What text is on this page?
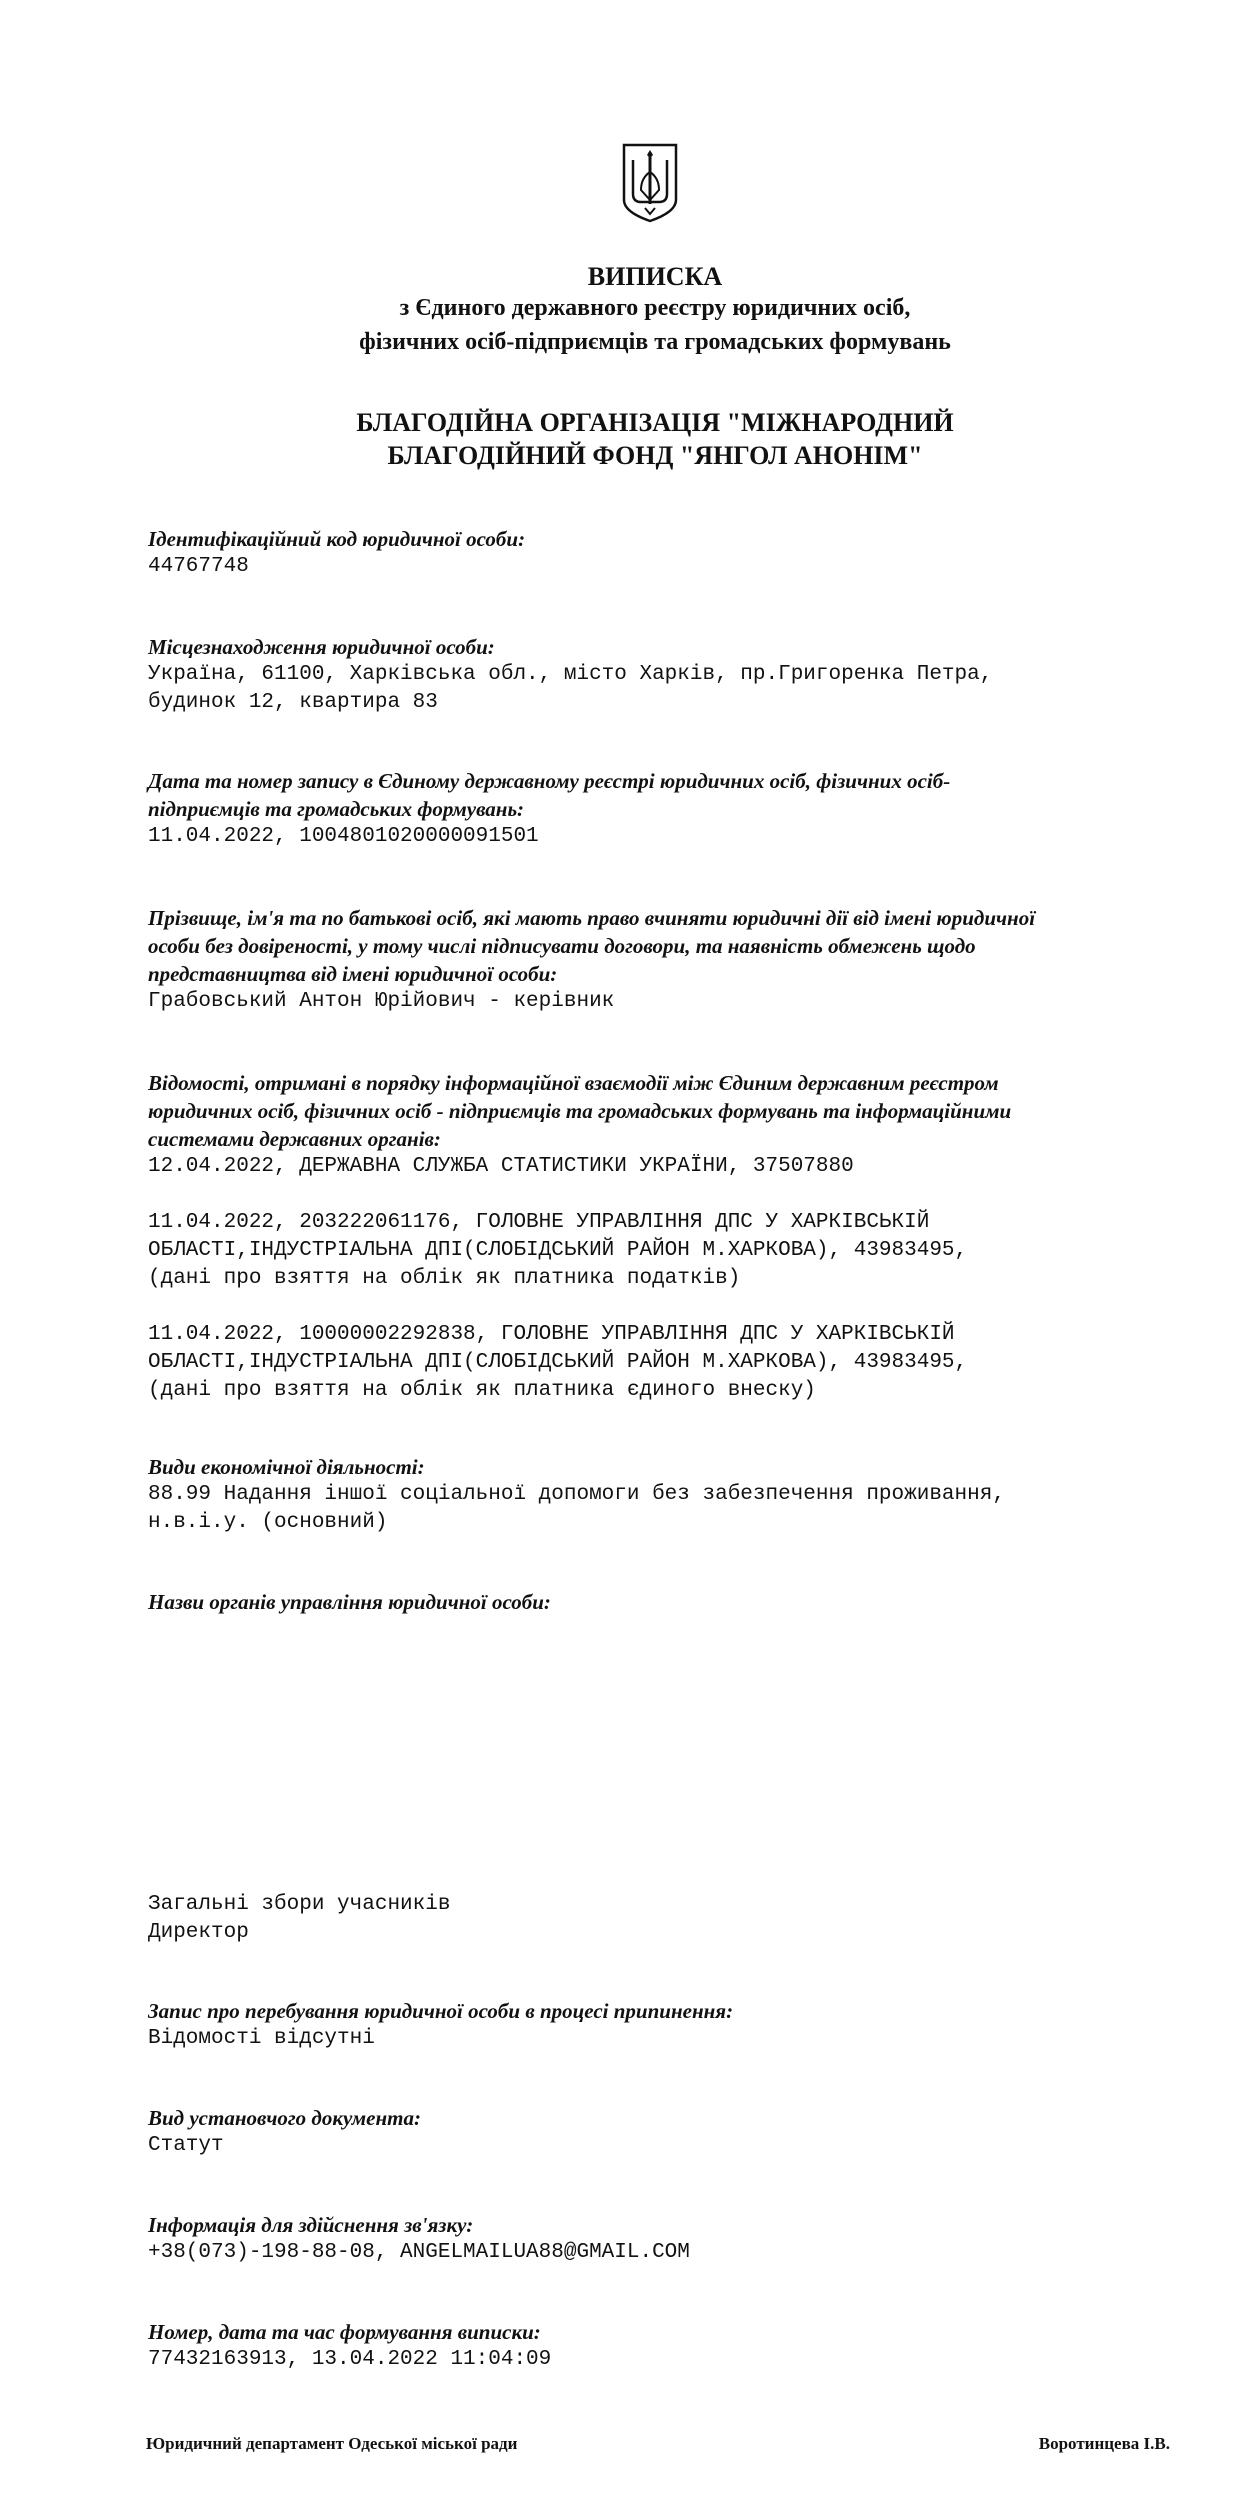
ВИПИСКА
з Єдиного державного реєстру юридичних осіб,
фізичних осіб-підприємців та громадських формувань
БЛАГОДІЙНА ОРГАНІЗАЦІЯ "МІЖНАРОДНИЙ
БЛАГОДІЙНИЙ ФОНД "ЯНГОЛ АНОНІМ"
Ідентифікаційний код юридичної особи:
44767748
Місцезнаходження юридичної особи:
Україна, 61100, Харківська обл., місто Харків, пр.Григоренка Петра,
будинок 12, квартира 83
Дата та номер запису в Єдиному державному реєстрі юридичних осіб, фізичних осіб-
підприємців та громадських формувань:
11.04.2022, 1004801020000091501
Прізвище, ім'я та по батькові осіб, які мають право вчиняти юридичні дії від імені юридичної
особи без довіреності, у тому числі підписувати договори, та наявність обмежень щодо
представництва від імені юридичної особи:
Грабовський Антон Юрійович - керівник
Відомості, отримані в порядку інформаційної взаємодії між Єдиним державним реєстром
юридичних осіб, фізичних осіб - підприємців та громадських формувань та інформаційними
системами державних органів:
12.04.2022, ДЕРЖАВНА СЛУЖБА СТАТИСТИКИ УКРАЇНИ, 37507880
11.04.2022, 203222061176, ГОЛОВНЕ УПРАВЛІННЯ ДПС У ХАРКІВСЬКІЙ
ОБЛАСТІ,ІНДУСТРІАЛЬНА ДПІ(СЛОБІДСЬКИЙ РАЙОН М.ХАРКОВА), 43983495,
(дані про взяття на облік як платника податків)
11.04.2022, 10000002292838, ГОЛОВНЕ УПРАВЛІННЯ ДПС У ХАРКІВСЬКІЙ
ОБЛАСТІ,ІНДУСТРІАЛЬНА ДПІ(СЛОБІДСЬКИЙ РАЙОН М.ХАРКОВА), 43983495,
(дані про взяття на облік як платника єдиного внеску)
Види економічної діяльності:
88.99 Надання іншої соціальної допомоги без забезпечення проживання,
н.в.і.у. (основний)
Назви органів управління юридичної особи:
Загальні збори учасників
Директор
Запис про перебування юридичної особи в процесі припинення:
Відомості відсутні
Вид установчого документа:
Статут
Інформація для здійснення зв'язку:
+38(073)-198-88-08, ANGELMAILUA88@GMAIL.COM
Номер, дата та час формування виписки:
77432163913, 13.04.2022 11:04:09
Юридичний департамент Одеської міської ради	Воротинцева І.В.
